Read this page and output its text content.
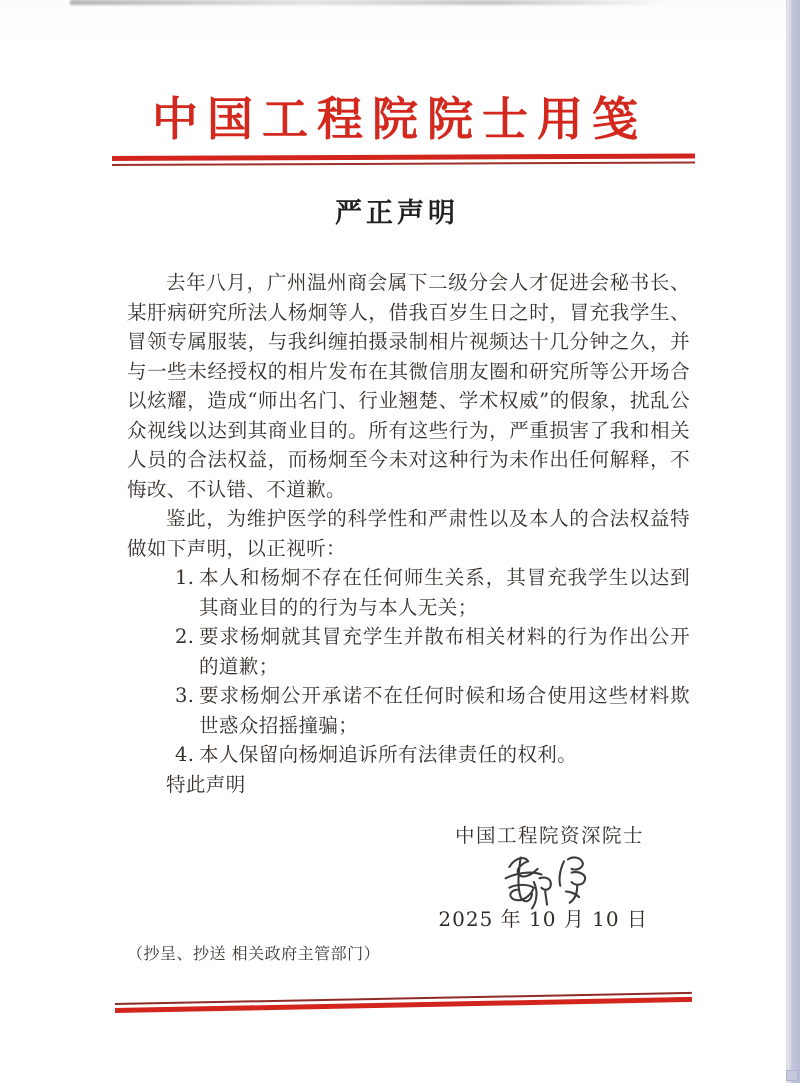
中国工程院院士用笺
严正声明

去年八月，广州温州商会属下二级分会人才促进会秘书长、某肝病研究所法人杨炯等人，借我百岁生日之时，冒充我学生、冒领专属服装，与我纠缠拍摄录制相片视频达十几分钟之久，并与一些未经授权的相片发布在其微信朋友圈和研究所等公开场合以炫耀，造成“师出名门、行业翘楚、学术权威”的假象，扰乱公众视线以达到其商业目的。所有这些行为，严重损害了我和相关人员的合法权益，而杨炯至今未对这种行为未作出任何解释，不悔改、不认错、不道歉。

鉴此，为维护医学的科学性和严肃性以及本人的合法权益特做如下声明，以正视听：

1. 本人和杨炯不存在任何师生关系，其冒充我学生以达到其商业目的的行为与本人无关；
2. 要求杨炯就其冒充学生并散布相关材料的行为作出公开的道歉；
3. 要求杨炯公开承诺不在任何时候和场合使用这些材料欺世惑众招摇撞骗；
4. 本人保留向杨炯追诉所有法律责任的权利。

特此声明

中国工程院资深院士
2025 年 10 月 10 日
（抄呈、抄送 相关政府主管部门）
